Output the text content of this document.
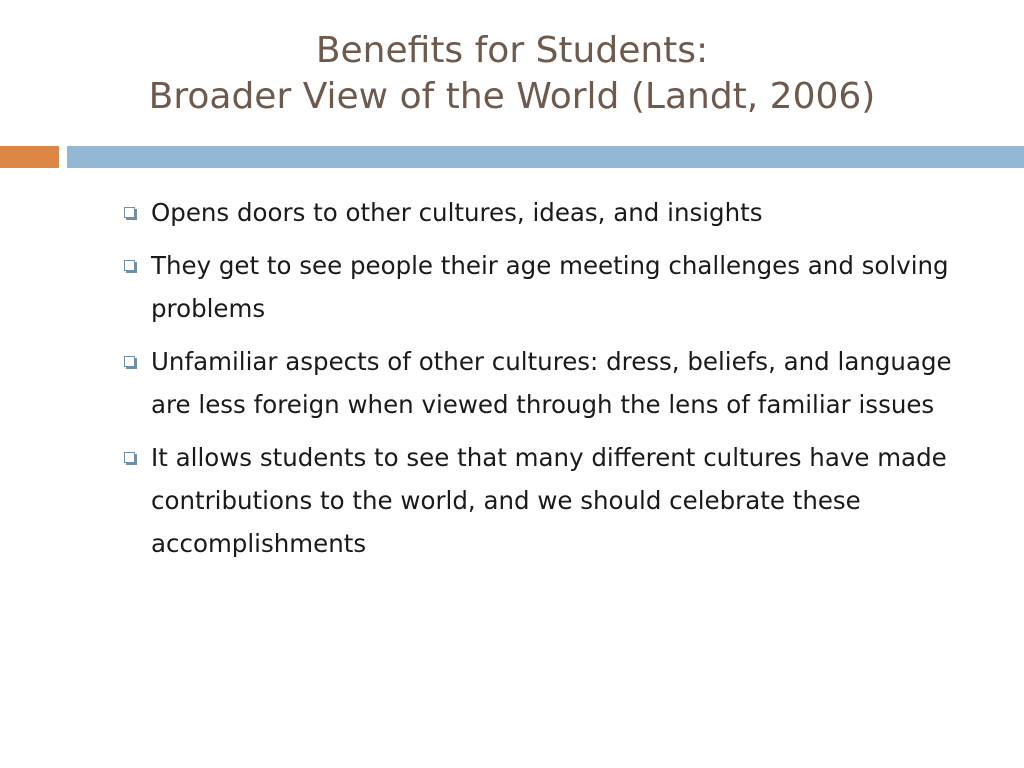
Benefits for Students:
Broader View of the World (Landt, 2006)
Opens doors to other cultures, ideas, and insights
They get to see people their age meeting challenges and solving problems
Unfamiliar aspects of other cultures: dress, beliefs, and language are less foreign when viewed through the lens of familiar issues
It allows students to see that many different cultures have made contributions to the world, and we should celebrate these accomplishments
